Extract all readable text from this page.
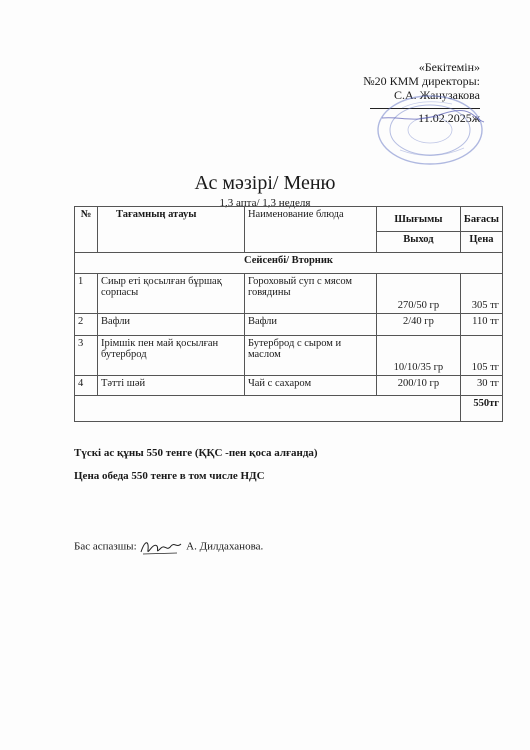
«Бекітемін»
№20 КММ директоры:
С.А. Жанузакова
11.02.2025ж
Ас мәзірі/ Меню
1,3 апта/ 1,3 неделя
№	Тағамның атауы	Наименование блюда	Шығымы	Бағасы
			Выход	Цена
Сейсенбі/ Вторник				
1	Сиыр еті қосылған бұршақ сорпасы	Гороховый суп с мясом говядины	270/50 гр	305 тг
2	Вафли	Вафли	2/40 гр	110 тг
3	Ірімшік пен май қосылған бутерброд	Бутерброд с сыром и маслом	10/10/35 гр	105 тг
4	Тәтті шәй	Чай с сахаром	200/10 гр	30 тг
				550тг
Түскі ас құны 550 тенге (ҚҚС -пен қоса алғанда)
Цена обеда 550 тенге в том числе НДС
Бас аспазшы:	А. Дилдаханова.
